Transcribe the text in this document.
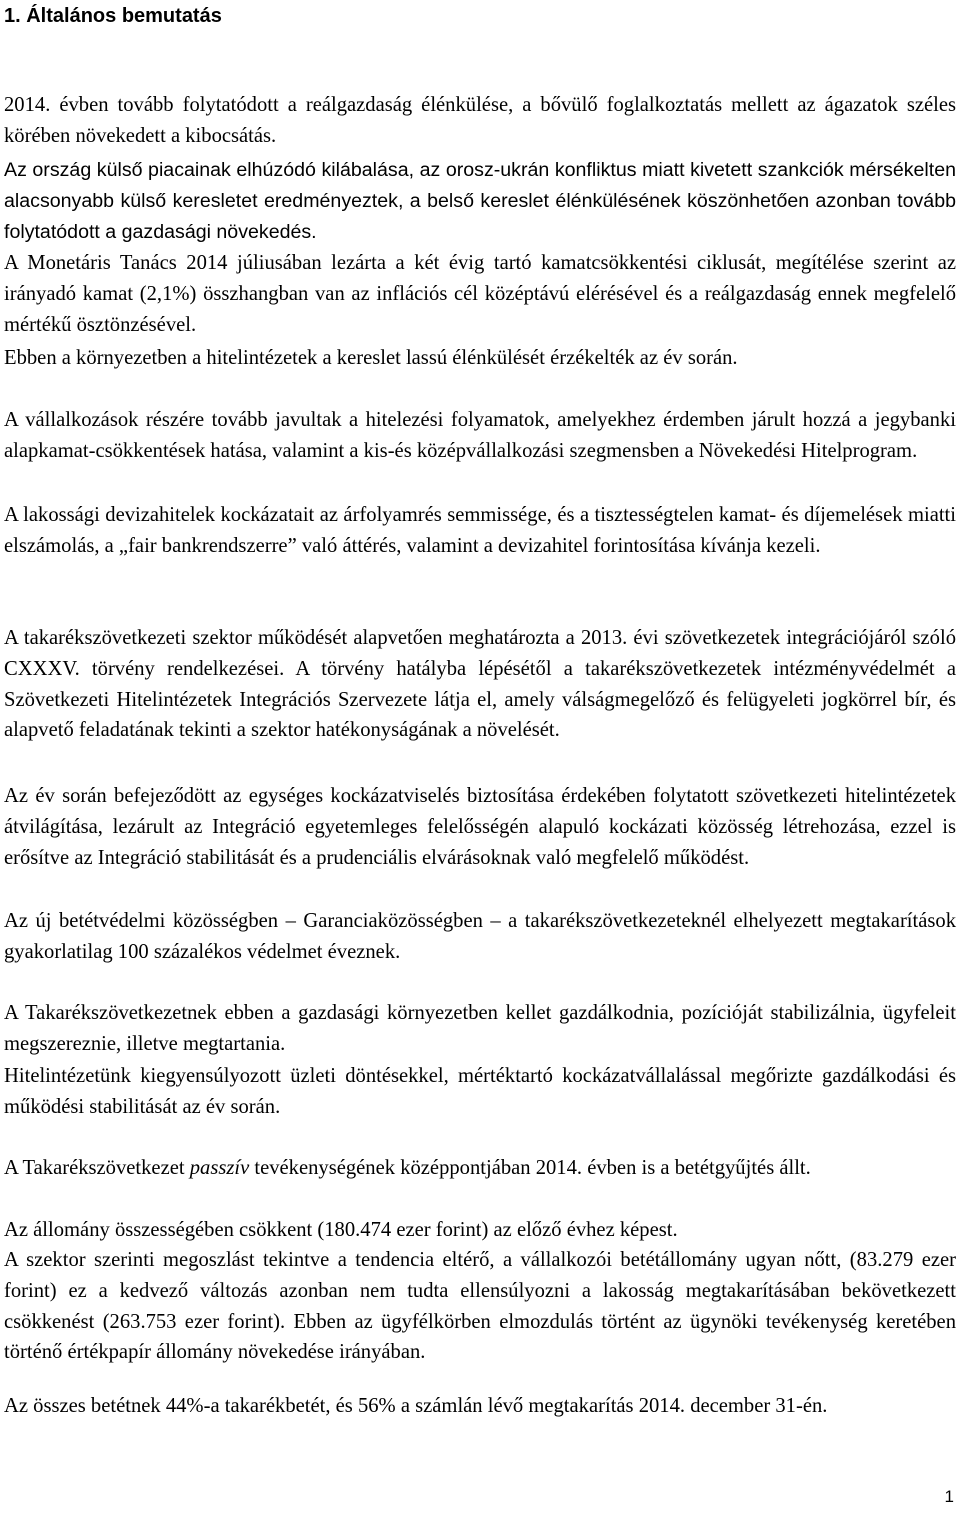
1. Általános bemutatás

2014. évben tovább folytatódott a reálgazdaság élénkülése, a bővülő foglalkoztatás mellett az ágazatok széles körében növekedett a kibocsátás.

Az ország külső piacainak elhúzódó kilábalása, az orosz-ukrán konfliktus miatt kivetett szankciók mérsékelten alacsonyabb külső keresletet eredményeztek, a belső kereslet élénkülésének köszönhetően azonban tovább folytatódott a gazdasági növekedés.

A Monetáris Tanács 2014 júliusában lezárta a két évig tartó kamatcsökkentési ciklusát, megítélése szerint az irányadó kamat (2,1%) összhangban van az inflációs cél középtávú elérésével és a reálgazdaság ennek megfelelő mértékű ösztönzésével.

Ebben a környezetben a hitelintézetek a kereslet lassú élénkülését érzékelték az év során.

A vállalkozások részére tovább javultak a hitelezési folyamatok, amelyekhez érdemben járult hozzá a jegybanki alapkamat-csökkentések hatása, valamint a kis-és középvállalkozási szegmensben a Növekedési Hitelprogram.

A lakossági devizahitelek kockázatait az árfolyamrés semmissége, és a tisztességtelen kamat- és díjemelések miatti elszámolás, a „fair bankrendszerre” való áttérés, valamint a devizahitel forintosítása kívánja kezeli.

A takarékszövetkezeti szektor működését alapvetően meghatározta a 2013. évi szövetkezetek integrációjáról szóló CXXXV. törvény rendelkezései. A törvény hatályba lépésétől a takarékszövetkezetek intézményvédelmét a Szövetkezeti Hitelintézetek Integrációs Szervezete látja el, amely válságmegelőző és felügyeleti jogkörrel bír, és alapvető feladatának tekinti a szektor hatékonyságának a növelését.

Az év során befejeződött az egységes kockázatviselés biztosítása érdekében folytatott szövetkezeti hitelintézetek átvilágítása, lezárult az Integráció egyetemleges felelősségén alapuló kockázati közösség létrehozása, ezzel is erősítve az Integráció stabilitását és a prudenciális elvárásoknak való megfelelő működést.

Az új betétvédelmi közösségben – Garanciaközösségben – a takarékszövetkezeteknél elhelyezett megtakarítások gyakorlatilag 100 százalékos védelmet éveznek.

A Takarékszövetkezetnek ebben a gazdasági környezetben kellet gazdálkodnia, pozícióját stabilizálnia, ügyfeleit megszereznie, illetve megtartania.

Hitelintézetünk kiegyensúlyozott üzleti döntésekkel, mértéktartó kockázatvállalással megőrizte gazdálkodási és működési stabilitását az év során.

A Takarékszövetkezet passzív tevékenységének középpontjában 2014. évben is a betétgyűjtés állt.

Az állomány összességében csökkent (180.474 ezer forint) az előző évhez képest.

A szektor szerinti megoszlást tekintve a tendencia eltérő, a vállalkozói betétállomány ugyan nőtt, (83.279 ezer forint) ez a kedvező változás azonban nem tudta ellensúlyozni a lakosság megtakarításában bekövetkezett csökkenést (263.753 ezer forint). Ebben az ügyfélkörben elmozdulás történt az ügynöki tevékenység keretében történő értékpapír állomány növekedése irányában.

Az összes betétnek 44%-a takarékbetét, és 56% a számlán lévő megtakarítás 2014. december 31-én.

1
